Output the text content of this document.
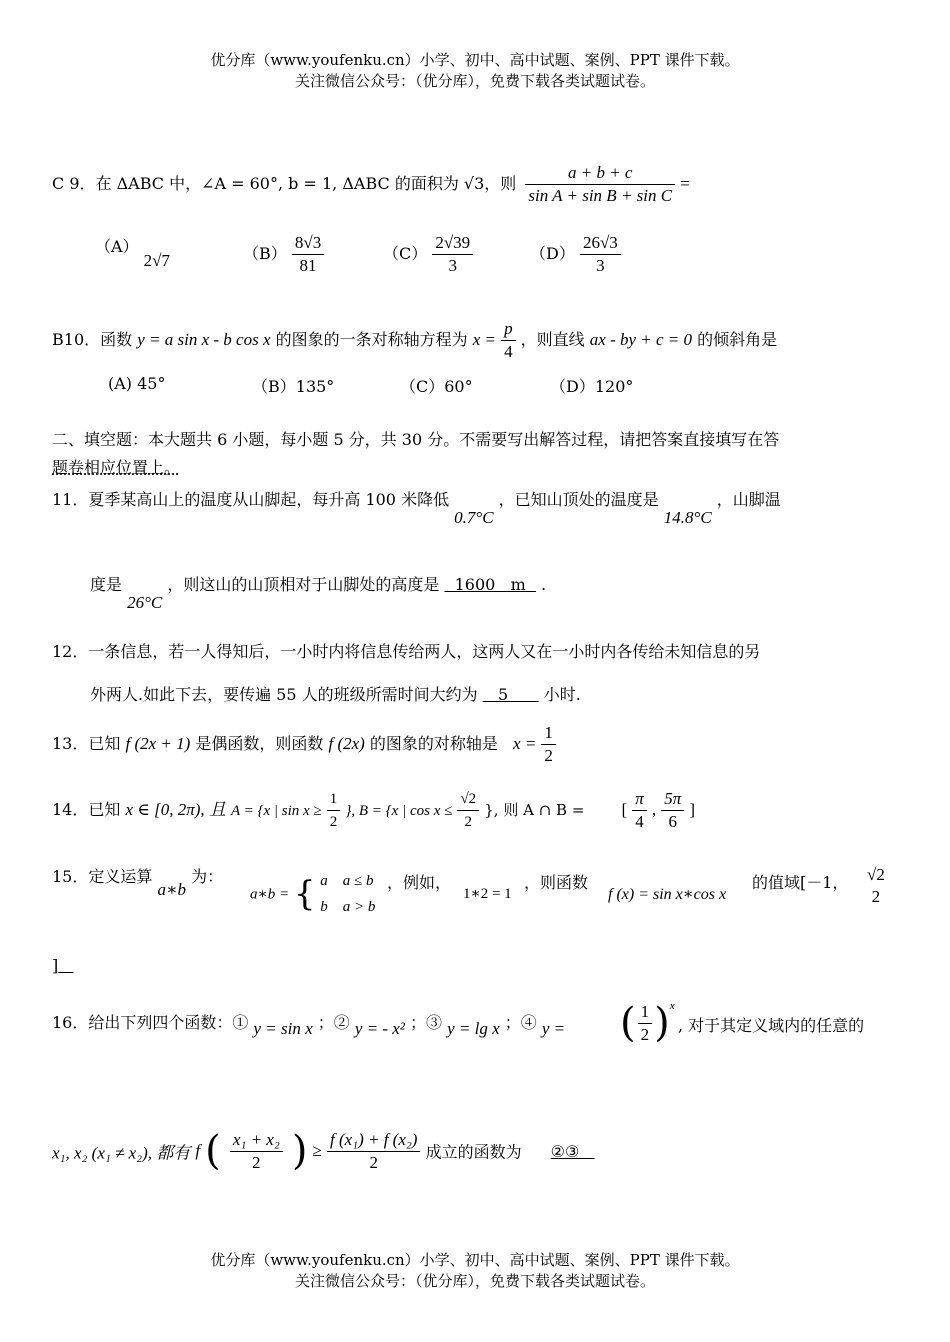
优分库（www.youfenku.cn）小学、初中、高中试题、案例、PPT 课件下载。
关注微信公众号：（优分库），免费下载各类试题试卷。
C 9．在 ΔABC 中，∠A = 60°, b = 1, ΔABC 的面积为 √3，则 $\frac{a + b + c}{\text{sin A + sin B + sin C}}$ =
（A） 2√7	$(B) \frac{8√3}{81}$	$(C) \frac{2√39}{3}$	$(D) \frac{26√3}{3}$
B10．函数 y = a sin x - b cos x 的图象的一条对称轴方程为 $x = \frac{p}{4}$ ，则直线 ax - by + c = 0 的倾斜角是
(A) 45°	（B）135°	（C）60°	（D）120°
二、填空题：本大题共 6 小题，每小题 5 分，共 30 分。不需要写出解答过程，请把答案直接填写在答
题卷相应位置上。
11．夏季某高山上的温度从山脚起，每升高 100 米降低 0.7°C ，已知山顶处的温度是 14.8°C ，山脚温
度是 26°C ，则这山的山顶相对于山脚处的高度是   1600   m   .
12．一条信息，若一人得知后，一小时内将信息传给两人，这两人又在一小时内各传给未知信息的另
外两人.如此下去，要传遍 55 人的班级所需时间大约为    5       小时.
13．已知 f (2x + 1) 是偶函数，则函数 f (2x) 的图象的对称轴是 $x = \frac{1}{2}$
14．已知 x ∈ [0, 2π), 且 A = {x | $\sin x \ge \frac{1}{2}$ }, B = {x | $\cos x \le \frac{√2}{2}$ }, 则 A ∩ B = [ $\frac{\pi}{4}$ , $\frac{5\pi}{6}$ ]
15．定义运算 a∗b 为：
a∗b = { a    a ≤ b
b    a > b
，例如，
1∗2 = 1
，则函数
f (x) = sin x∗cos x
的值域[－1， √2
2
]
16．给出下列四个函数：① y = sin x ；② y = - x² ；③ y = lg x ；④ y = ( $\frac{1}{2} )^x$
, 对于其定义域内的任意的
x₁, x₂ (x₁ ≠ x₂), 都有 f ( $\frac{\text{x₁ + x₂}}{2}$ ) ≥ $\frac{\text{f (x₁) + f (x₂)}}{2}$ 成立的函数为 ②③
优分库（www.youfenku.cn）小学、初中、高中试题、案例、PPT 课件下载。
关注微信公众号：（优分库），免费下载各类试题试卷。
